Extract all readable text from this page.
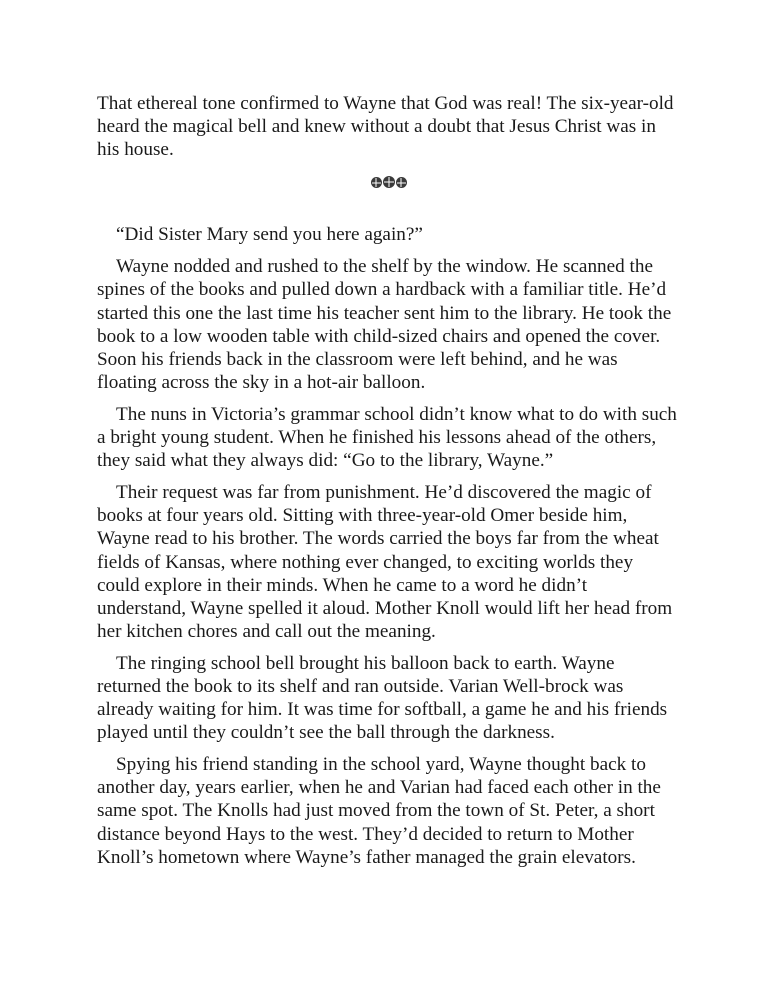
That ethereal tone confirmed to Wayne that God was real! The six-year-old heard the magical bell and knew without a doubt that Jesus Christ was in his house.

“Did Sister Mary send you here again?”

Wayne nodded and rushed to the shelf by the window. He scanned the spines of the books and pulled down a hardback with a familiar title. He’d started this one the last time his teacher sent him to the library. He took the book to a low wooden table with child-sized chairs and opened the cover. Soon his friends back in the classroom were left behind, and he was floating across the sky in a hot-air balloon.

The nuns in Victoria’s grammar school didn’t know what to do with such a bright young student. When he finished his lessons ahead of the others, they said what they always did: “Go to the library, Wayne.”

Their request was far from punishment. He’d discovered the magic of books at four years old. Sitting with three-year-old Omer beside him, Wayne read to his brother. The words carried the boys far from the wheat fields of Kansas, where nothing ever changed, to exciting worlds they could explore in their minds. When he came to a word he didn’t understand, Wayne spelled it aloud. Mother Knoll would lift her head from her kitchen chores and call out the meaning.

The ringing school bell brought his balloon back to earth. Wayne returned the book to its shelf and ran outside. Varian Well-brock was already waiting for him. It was time for softball, a game he and his friends played until they couldn’t see the ball through the darkness.

Spying his friend standing in the school yard, Wayne thought back to another day, years earlier, when he and Varian had faced each other in the same spot. The Knolls had just moved from the town of St. Peter, a short distance beyond Hays to the west. They’d decided to return to Mother Knoll’s hometown where Wayne’s father managed the grain elevators.
